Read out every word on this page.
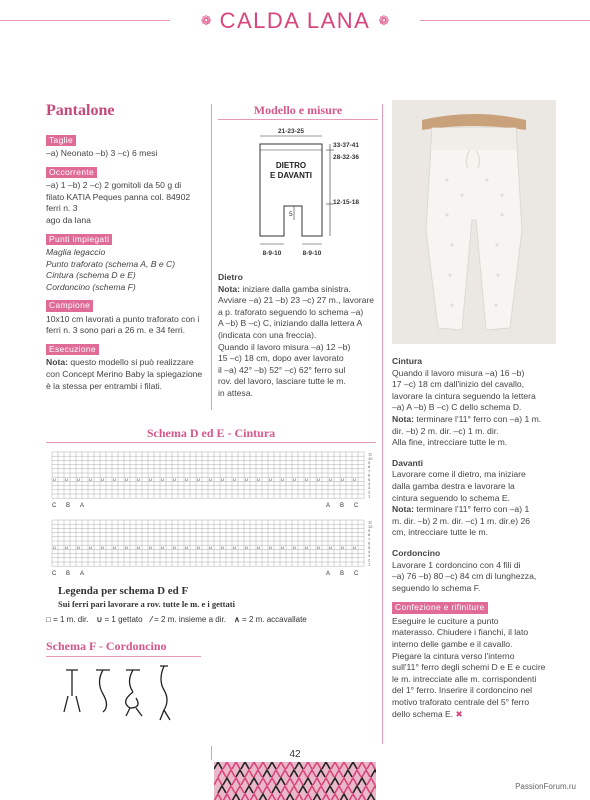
❁ CALDA LANA ❁
Pantalone
Taglie
–a) Neonato –b) 3 –c) 6 mesi
Occorrente
–a) 1 –b) 2 –c) 2 gomitoli da 50 g di
filato KATIA Peques panna col. 84902
ferri n. 3
ago da lana
Punti impiegati
Maglia legaccio
Punto traforato (schema A, B e C)
Cintura (schema D e E)
Cordoncino (schema F)
Campione
10x10 cm lavorati a punto traforato con i
ferri n. 3 sono pari a 26 m. e 34 ferri.
Esecuzione
Nota: questo modello si può realizzare
con Concept Merino Baby la spiegazione
è la stessa per entrambi i filati.
Modello e misure
21-23-25
33-37-41
28-32-36
12-15-18
DIETRO
E DAVANTI
5
8-9-10	8-9-10
Dietro
Nota: iniziare dalla gamba sinistra.
Avviare –a) 21 –b) 23 –c) 27 m., lavorare
a p. traforato seguendo lo schema –a)
A –b) B –c) C, iniziando dalla lettera A
(indicata con una freccia).
Quando il lavoro misura –a) 12 –b)
15 –c) 18 cm, dopo aver lavorato
il –a) 42° –b) 52° –c) 62° ferro sul
rov. del lavoro, lasciare tutte le m.
in attesa.
Cintura
Quando il lavoro misura –a) 16 –b)
17 –c) 18 cm dall'inizio del cavallo,
lavorare la cintura seguendo la lettera
–a) A –b) B –c) C dello schema D.
Nota: terminare l'11° ferro con –a) 1 m.
dir. –b) 2 m. dir. –c) 1 m. dir.
Alla fine, intrecciare tutte le m.
Davanti
Lavorare come il dietro, ma iniziare
dalla gamba destra e lavorare la
cintura seguendo lo schema E.
Nota: terminare l'11° ferro con –a) 1
m. dir. –b) 2 m. dir. –c) 1 m. dir.e) 26
cm, intrecciare tutte le m.
Cordoncino
Lavorare 1 cordoncino con 4 fili di
–a) 76 –b) 80 –c) 84 cm di lunghezza,
seguendo lo schema F.
Confezione e rifiniture
Eseguire le cuciture a punto
materasso. Chiudere i fianchi, il lato
interno delle gambe e il cavallo.
Piegare la cintura verso l'interno
sull'11° ferro degli schemi D e E e cucire
le m. intrecciate alle m. corrispondenti
del 1° ferro. Inserire il cordoncino nel
motivo traforato centrale del 5° ferro
dello schema E. ✖
Schema D ed E - Cintura
U U U U U U U U U U U U U U U U U U U U U U U U U U
11
10
9
8
7
6
5
4
3
2
1
C B A	A B C
U U U U U U U U U U U U U U U U U U U U U U U U U U
11
10
9
8
7
6
5
4
3
2
1
C B A	A B C
Legenda per schema D ed F
Sui ferri pari lavorare a rov. tutte le m. e i gettati
□ = 1 m. dir. ∪ = 1 gettato ⁄ = 2 m. insieme a dir. ∧ = 2 m. accavallate
Schema F - Cordoncino
42
PassionForum.ru
